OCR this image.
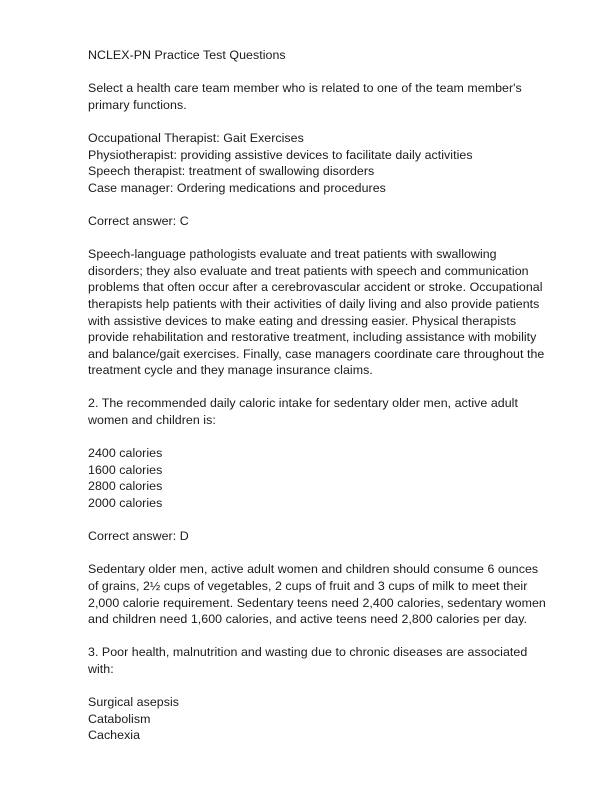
NCLEX-PN Practice Test Questions
Select a health care team member who is related to one of the team member's primary functions.
Occupational Therapist: Gait Exercises
Physiotherapist: providing assistive devices to facilitate daily activities
Speech therapist: treatment of swallowing disorders
Case manager: Ordering medications and procedures
Correct answer: C
Speech-language pathologists evaluate and treat patients with swallowing disorders; they also evaluate and treat patients with speech and communication problems that often occur after a cerebrovascular accident or stroke. Occupational therapists help patients with their activities of daily living and also provide patients with assistive devices to make eating and dressing easier. Physical therapists provide rehabilitation and restorative treatment, including assistance with mobility and balance/gait exercises. Finally, case managers coordinate care throughout the treatment cycle and they manage insurance claims.
2. The recommended daily caloric intake for sedentary older men, active adult women and children is:
2400 calories
1600 calories
2800 calories
2000 calories
Correct answer: D
Sedentary older men, active adult women and children should consume 6 ounces of grains, 2½ cups of vegetables, 2 cups of fruit and 3 cups of milk to meet their 2,000 calorie requirement. Sedentary teens need 2,400 calories, sedentary women and children need 1,600 calories, and active teens need 2,800 calories per day.
3. Poor health, malnutrition and wasting due to chronic diseases are associated with:
Surgical asepsis
Catabolism
Cachexia
